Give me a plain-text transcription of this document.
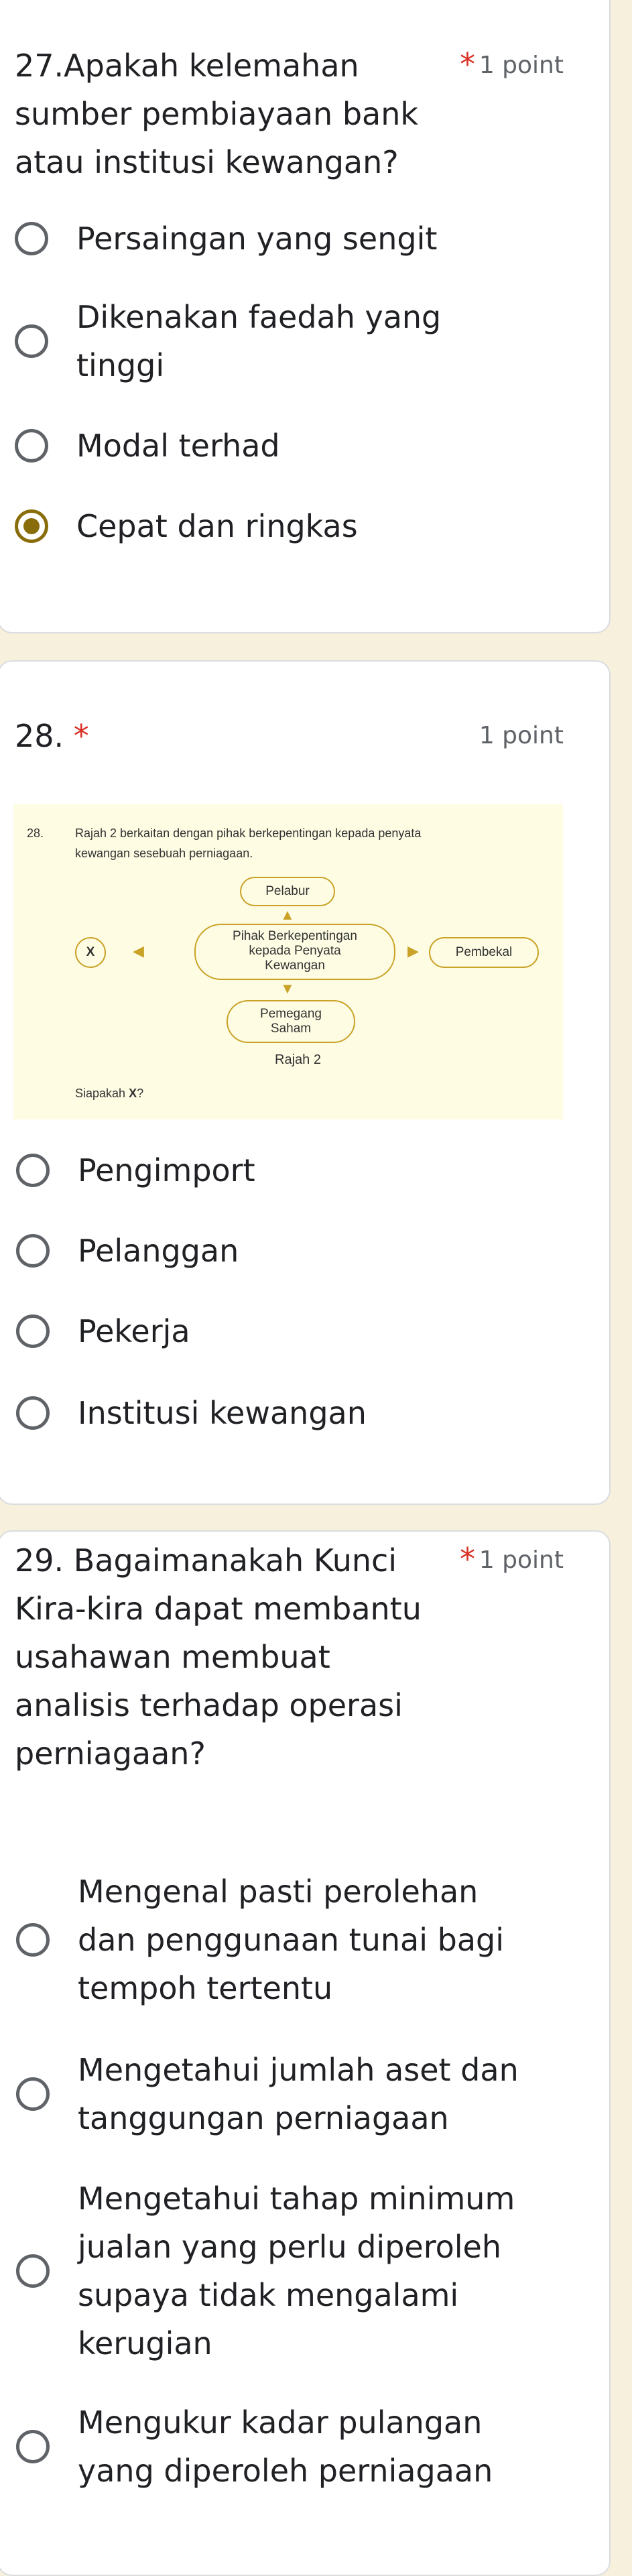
27.Apakah kelemahan
sumber pembiayaan bank
atau institusi kewangan?
* 1 point
Persaingan yang sengit
Dikenakan faedah yang
tinggi
Modal terhad
Cepat dan ringkas
28. *	1 point
28.	Rajah 2 berkaitan dengan pihak berkepentingan kepada penyata
kewangan sesebuah perniagaan.
Pelabur
▲
Pihak Berkepentingan
kepada Penyata
Kewangan
X	◀	▶	Pembekal
▼
Pemegang
Saham
Rajah 2
Siapakah X?
Pengimport
Pelanggan
Pekerja
Institusi kewangan
29. Bagaimanakah Kunci
Kira-kira dapat membantu
usahawan membuat
analisis terhadap operasi
perniagaan?
* 1 point
Mengenal pasti perolehan
dan penggunaan tunai bagi
tempoh tertentu
Mengetahui jumlah aset dan
tanggungan perniagaan
Mengetahui tahap minimum
jualan yang perlu diperoleh
supaya tidak mengalami
kerugian
Mengukur kadar pulangan
yang diperoleh perniagaan
